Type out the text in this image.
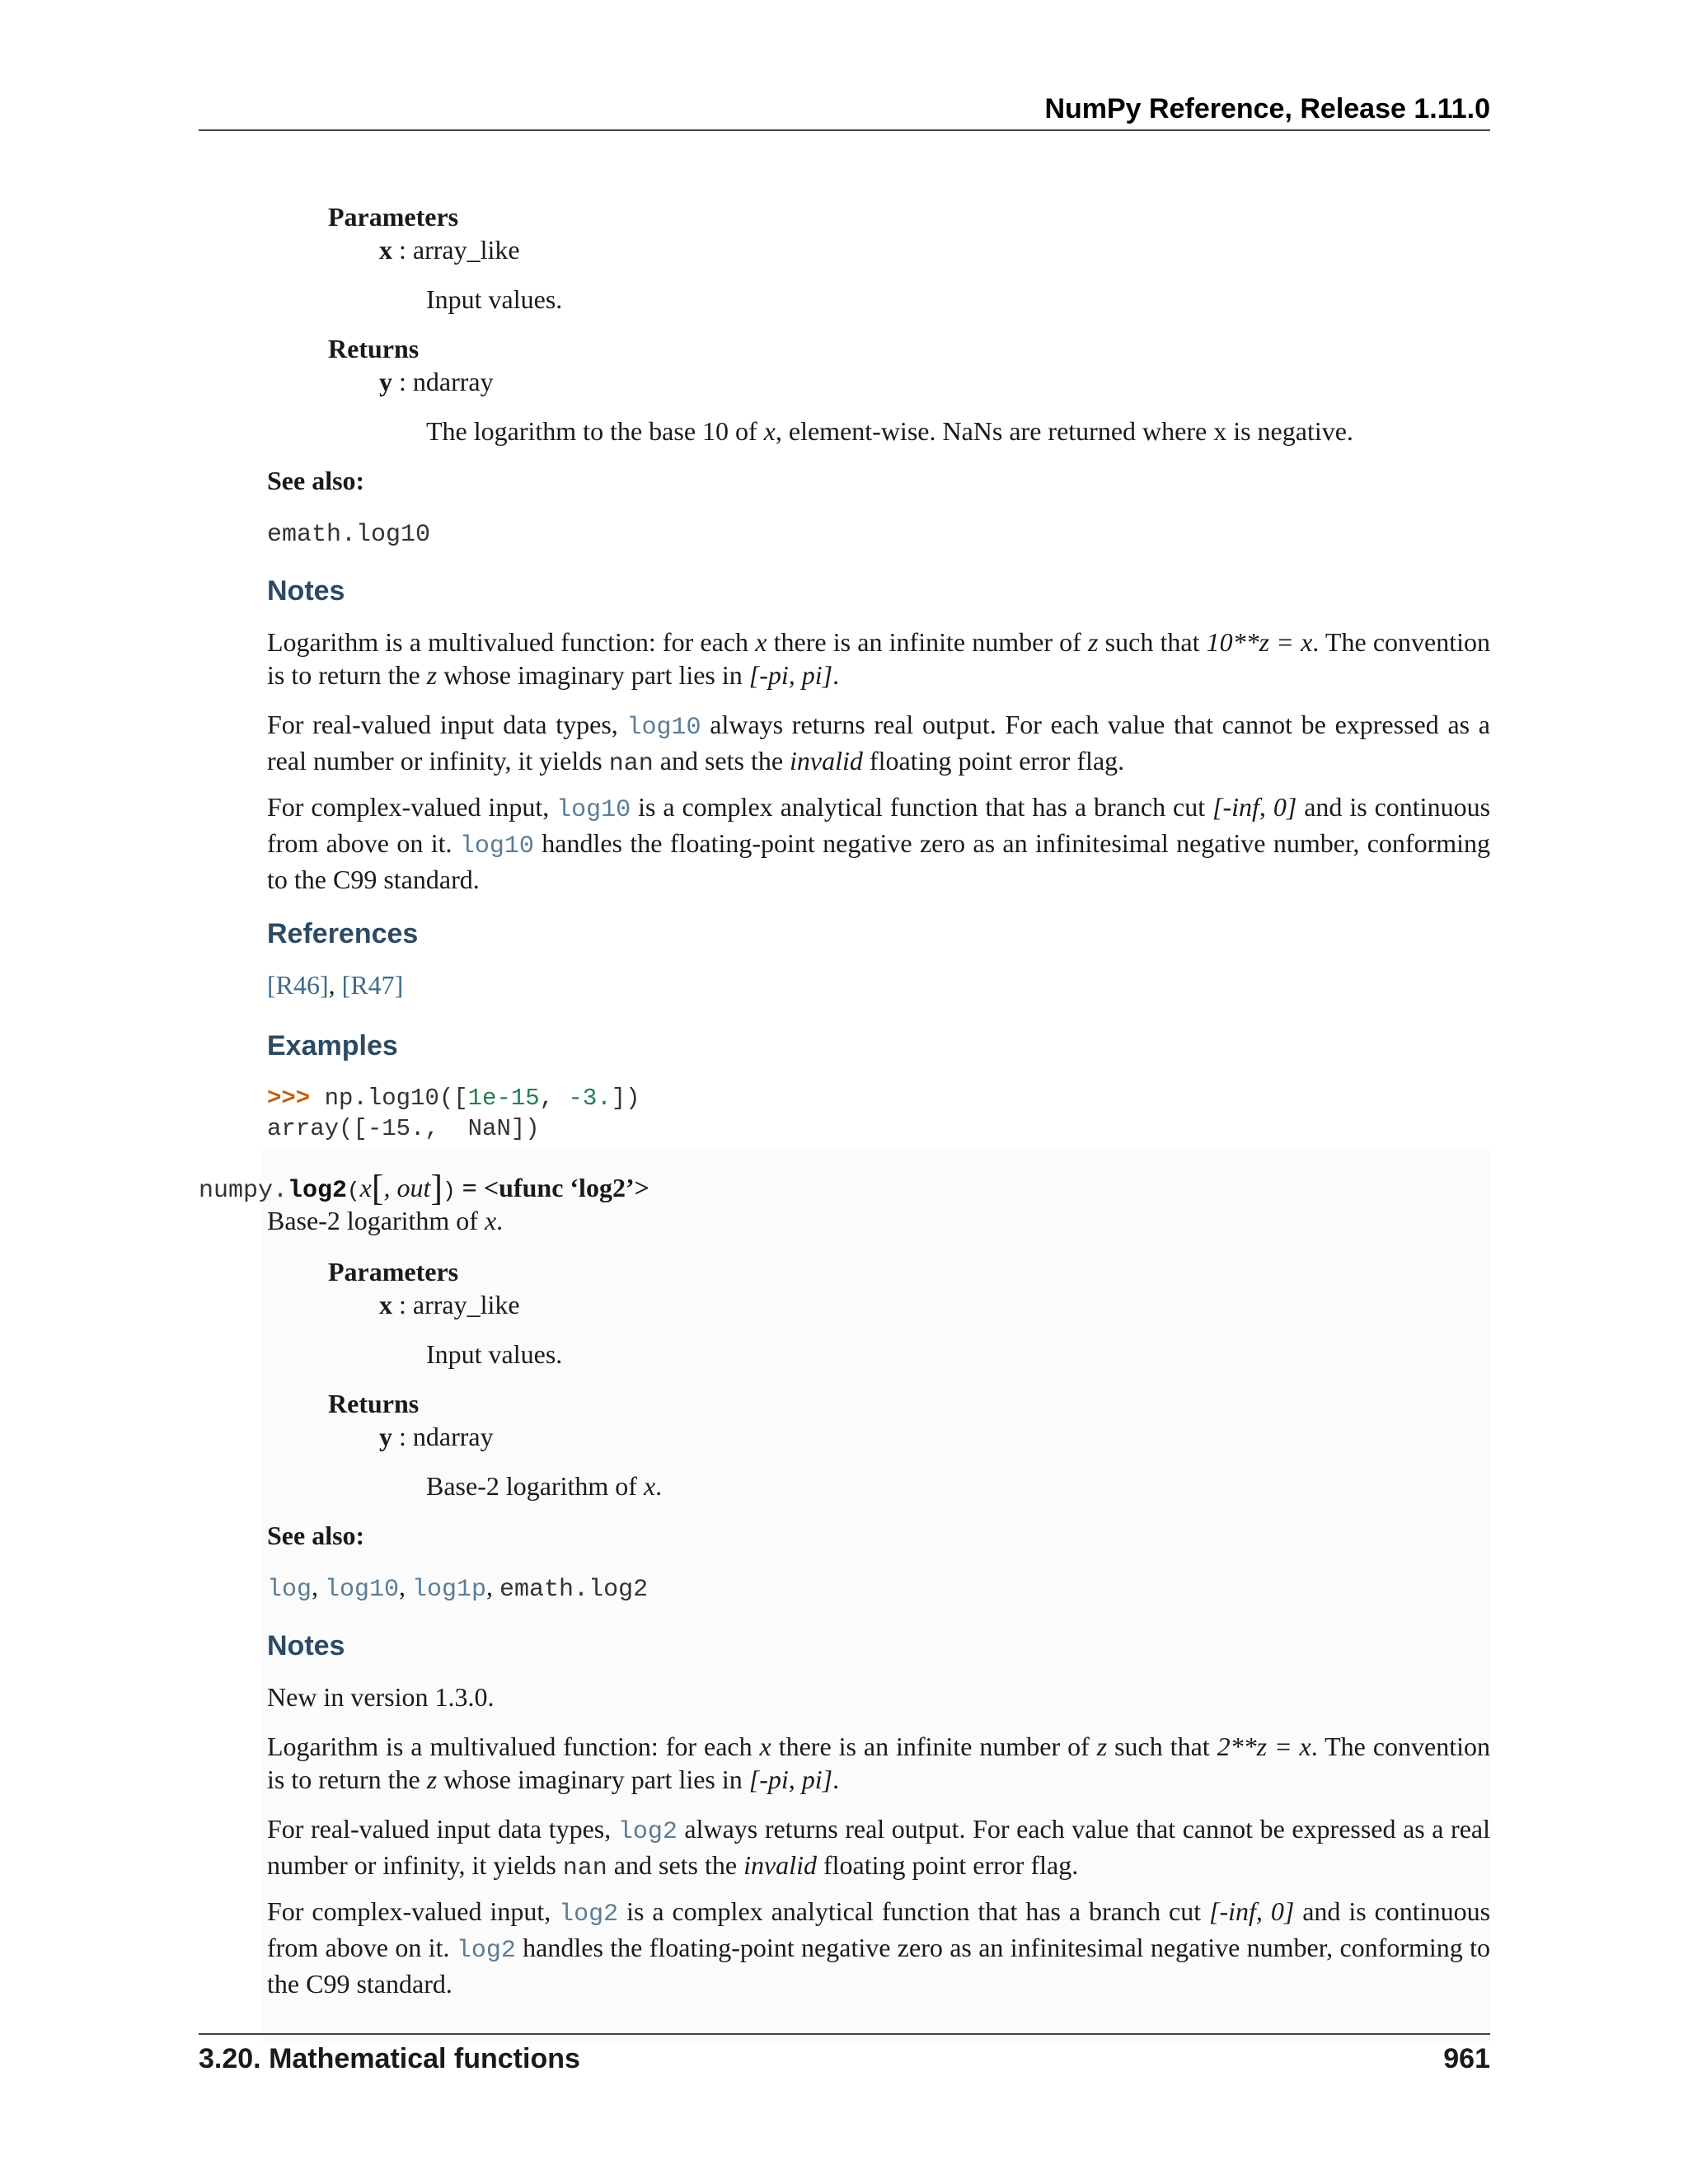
NumPy Reference, Release 1.11.0

Parameters

x : array_like

Input values.

Returns

y : ndarray

The logarithm to the base 10 of x, element-wise. NaNs are returned where x is negative.

See also:

emath.log10

Notes

Logarithm is a multivalued function: for each x there is an infinite number of z such that 10**z = x. The convention is to return the z whose imaginary part lies in [-pi, pi].

For real-valued input data types, log10 always returns real output. For each value that cannot be expressed as a real number or infinity, it yields nan and sets the invalid floating point error flag.

For complex-valued input, log10 is a complex analytical function that has a branch cut [-inf, 0] and is continuous from above on it. log10 handles the floating-point negative zero as an infinitesimal negative number, conforming to the C99 standard.

References

[R46], [R47]

Examples

>>> np.log10([1e-15, -3.])
array([-15.,  NaN])

numpy.log2(x[, out]) = <ufunc ‘log2’>

Base-2 logarithm of x.

Parameters

x : array_like

Input values.

Returns

y : ndarray

Base-2 logarithm of x.

See also:

log, log10, log1p, emath.log2

Notes

New in version 1.3.0.

Logarithm is a multivalued function: for each x there is an infinite number of z such that 2**z = x. The convention is to return the z whose imaginary part lies in [-pi, pi].

For real-valued input data types, log2 always returns real output. For each value that cannot be expressed as a real number or infinity, it yields nan and sets the invalid floating point error flag.

For complex-valued input, log2 is a complex analytical function that has a branch cut [-inf, 0] and is continuous from above on it. log2 handles the floating-point negative zero as an infinitesimal negative number, conforming to the C99 standard.

3.20. Mathematical functions	961
